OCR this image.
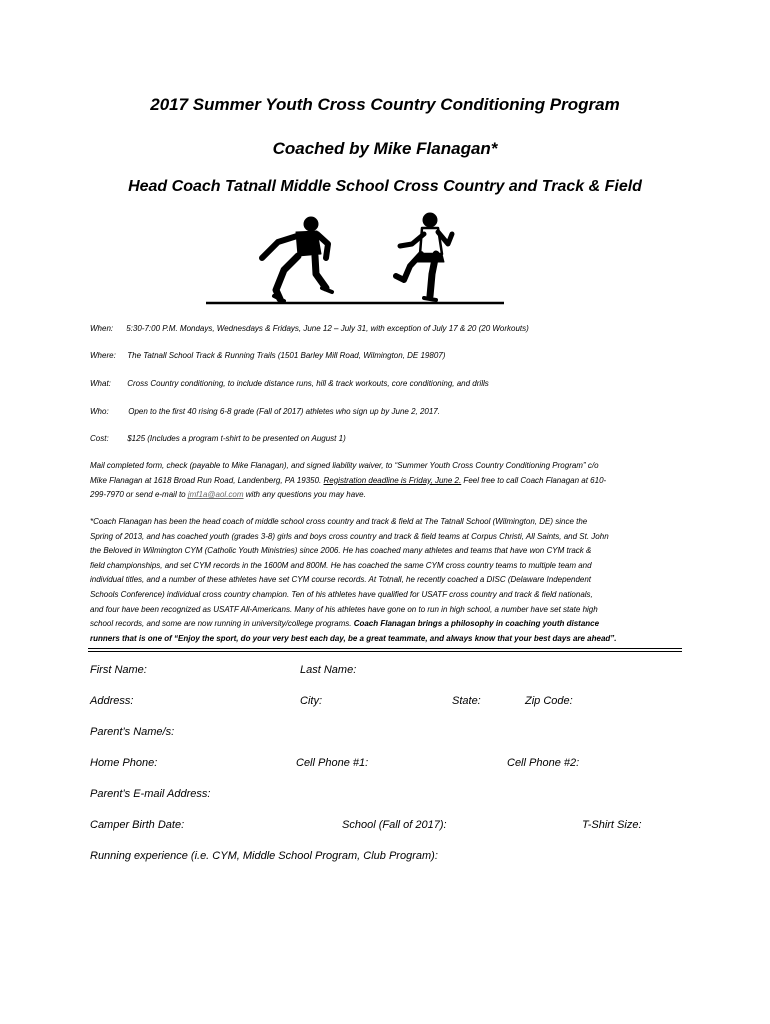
2017 Summer Youth Cross Country Conditioning Program
Coached by Mike Flanagan*
Head Coach Tatnall Middle School Cross Country and Track & Field
When: 5:30-7:00 P.M. Mondays, Wednesdays & Fridays, June 12 – July 31, with exception of July 17 & 20 (20 Workouts)
Where: The Tatnall School Track & Running Trails (1501 Barley Mill Road, Wilmington, DE 19807)
What: Cross Country conditioning, to include distance runs, hill & track workouts, core conditioning, and drills
Who: Open to the first 40 rising 6-8 grade (Fall of 2017) athletes who sign up by June 2, 2017.
Cost: $125 (Includes a program t-shirt to be presented on August 1)
Mail completed form, check (payable to Mike Flanagan), and signed liability waiver, to “Summer Youth Cross Country Conditioning Program” c/o
Mike Flanagan at 1618 Broad Run Road, Landenberg, PA 19350. Registration deadline is Friday, June 2. Feel free to call Coach Flanagan at 610-
299-7970 or send e-mail to jmf1a@aol.com with any questions you may have.
*Coach Flanagan has been the head coach of middle school cross country and track & field at The Tatnall School (Wilmington, DE) since the
Spring of 2013, and has coached youth (grades 3-8) girls and boys cross country and track & field teams at Corpus Christi, All Saints, and St. John
the Beloved in Wilmington CYM (Catholic Youth Ministries) since 2006. He has coached many athletes and teams that have won CYM track &
field championships, and set CYM records in the 1600M and 800M. He has coached the same CYM cross country teams to multiple team and
individual titles, and a number of these athletes have set CYM course records. At Totnall, he recently coached a DISC (Delaware Independent
Schools Conference) individual cross country champion. Ten of his athletes have qualified for USATF cross country and track & field nationals,
and four have been recognized as USATF All-Americans. Many of his athletes have gone on to run in high school, a number have set state high
school records, and some are now running in university/college programs. Coach Flanagan brings a philosophy in coaching youth distance
runners that is one of “Enjoy the sport, do your very best each day, be a great teammate, and always know that your best days are ahead”.
First Name:	Last Name:
Address:	City:	State:	Zip Code:
Parent’s Name/s:
Home Phone:	Cell Phone #1:	Cell Phone #2:
Parent’s E-mail Address:
Camper Birth Date:	School (Fall of 2017):	T-Shirt Size:
Running experience (i.e. CYM, Middle School Program, Club Program):
